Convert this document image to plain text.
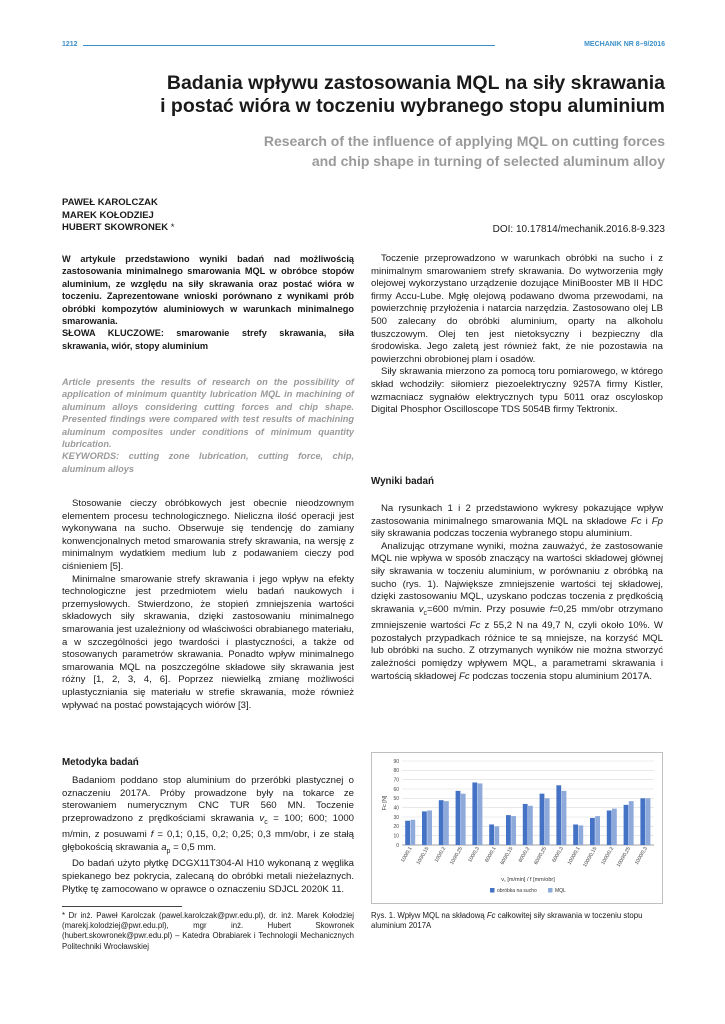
1212	MECHANIK NR 8–9/2016
Badania wpływu zastosowania MQL na siły skrawania
i postać wióra w toczeniu wybranego stopu aluminium
Research of the influence of applying MQL on cutting forces
and chip shape in turning of selected aluminum alloy
PAWEŁ KAROLCZAK
MAREK KOŁODZIEJ
HUBERT SKOWRONEK *	DOI: 10.17814/mechanik.2016.8-9.323
W artykule przedstawiono wyniki badań nad możliwością zastosowania minimalnego smarowania MQL w obróbce stopów aluminium, ze względu na siły skrawania oraz postać wióra w toczeniu. Zaprezentowane wnioski porównano z wynikami prób obróbki kompozytów aluminiowych w warunkach minimalnego smarowania.
SŁOWA KLUCZOWE: smarowanie strefy skrawania, siła skrawania, wiór, stopy aluminium
Article presents the results of research on the possibility of application of minimum quantity lubrication MQL in machining of aluminum alloys considering cutting forces and chip shape. Presented findings were compared with test results of machining aluminum composites under conditions of minimum quantity lubrication.
KEYWORDS: cutting zone lubrication, cutting force, chip, aluminum alloys

Stosowanie cieczy obróbkowych jest obecnie nieodzownym elementem procesu technologicznego. Nieliczna ilość operacji jest wykonywana na sucho. Obserwuje się tendencję do zamiany konwencjonalnych metod smarowania strefy skrawania, na wersję z minimalnym wydatkiem medium lub z podawaniem cieczy pod ciśnieniem [5].

Minimalne smarowanie strefy skrawania i jego wpływ na efekty technologiczne jest przedmiotem wielu badań naukowych i przemysłowych. Stwierdzono, że stopień zmniejszenia wartości składowych siły skrawania, dzięki zastosowaniu minimalnego smarowania jest uzależniony od właściwości obrabianego materiału, a w szczególności jego twardości i plastyczności, a także od stosowanych parametrów skrawania. Ponadto wpływ minimalnego smarowania MQL na poszczególne składowe siły skrawania jest różny [1, 2, 3, 4, 6]. Poprzez niewielką zmianę możliwości uplastyczniania się materiału w strefie skrawania, może również wpływać na postać powstających wiórów [3].

Metodyka badań

Badaniom poddano stop aluminium do przeróbki plastycznej o oznaczeniu 2017A. Próby prowadzone były na tokarce ze sterowaniem numerycznym CNC TUR 560 MN. Toczenie przeprowadzono z prędkościami skrawania $v_c = 100$; 600; 1000 m/min, z posuwami f = 0,1; 0,15, 0,2; 0,25; 0,3 mm/obr, i ze stałą głębokością skrawania $a_p = 0,5$ mm.

Do badań użyto płytkę DCGX11T304-Al H10 wykonaną z węglika spiekanego bez pokrycia, zalecaną do obróbki metali nieżelaznych. Płytkę tę zamocowano w oprawce o oznaczeniu SDJCL 2020K 11.

* Dr inż. Paweł Karolczak (pawel.karolczak@pwr.edu.pl), dr. inż. Marek Kołodziej (marekj.kolodziej@pwr.edu.pl), mgr inż. Hubert Skowronek (hubert.skowronek@pwr.edu.pl) – Katedra Obrabiarek i Technologii Mechanicznych Politechniki Wrocławskiej

Toczenie przeprowadzono w warunkach obróbki na sucho i z minimalnym smarowaniem strefy skrawania. Do wytworzenia mgły olejowej wykorzystano urządzenie dozujące MiniBooster MB II HDC firmy Accu-Lube. Mgłę olejową podawano dwoma przewodami, na powierzchnię przyłożenia i natarcia narzędzia. Zastosowano olej LB 500 zalecany do obróbki aluminium, oparty na alkoholu tłuszczowym. Olej ten jest nietoksyczny i bezpieczny dla środowiska. Jego zaletą jest również fakt, że nie pozostawia na powierzchni obrobionej plam i osadów.

Siły skrawania mierzono za pomocą toru pomiarowego, w którego skład wchodziły: siłomierz piezoelektryczny 9257A firmy Kistler, wzmacniacz sygnałów elektrycznych typu 5011 oraz oscyloskop Digital Phosphor Oscilloscope TDS 5054B firmy Tektronix.

Wyniki badań

Na rysunkach 1 i 2 przedstawiono wykresy pokazujące wpływ zastosowania minimalnego smarowania MQL na składowe Fc i Fp siły skrawania podczas toczenia wybranego stopu aluminium.

Analizując otrzymane wyniki, można zauważyć, że zastosowanie MQL nie wpływa w sposób znaczący na wartości składowej głównej siły skrawania w toczeniu aluminium, w porównaniu z obróbką na sucho (rys. 1). Największe zmniejszenie wartości tej składowej, dzięki zastosowaniu MQL, uzyskano podczas toczenia z prędkością skrawania $v_c=600$ m/min. Przy posuwie f=0,25 mm/obr otrzymano zmniejszenie wartości Fc z 55,2 N na 49,7 N, czyli około 10%. W pozostałych przypadkach różnice te są mniejsze, na korzyść MQL lub obróbki na sucho. Z otrzymanych wyników nie można stworzyć zależności pomiędzy wpływem MQL, a parametrami skrawania i wartością składowej Fc podczas toczenia stopu aluminium 2017A.

0
10
20
30
40
50
60
70
80
90
Fc [N]
100/0,1 100/0,15 100/0,2 100/0,25 100/0,3 600/0,1 600/0,15 600/0,2 600/0,25 600/0,3 1000/0,1 1000/0,15 1000/0,2 1000/0,25 1000/0,3
v꜀ [m/min] / f [mm/obr]
obróbka na sucho	MQL
Rys. 1. Wpływ MQL na składową Fc całkowitej siły skrawania w toczeniu stopu aluminium 2017A
